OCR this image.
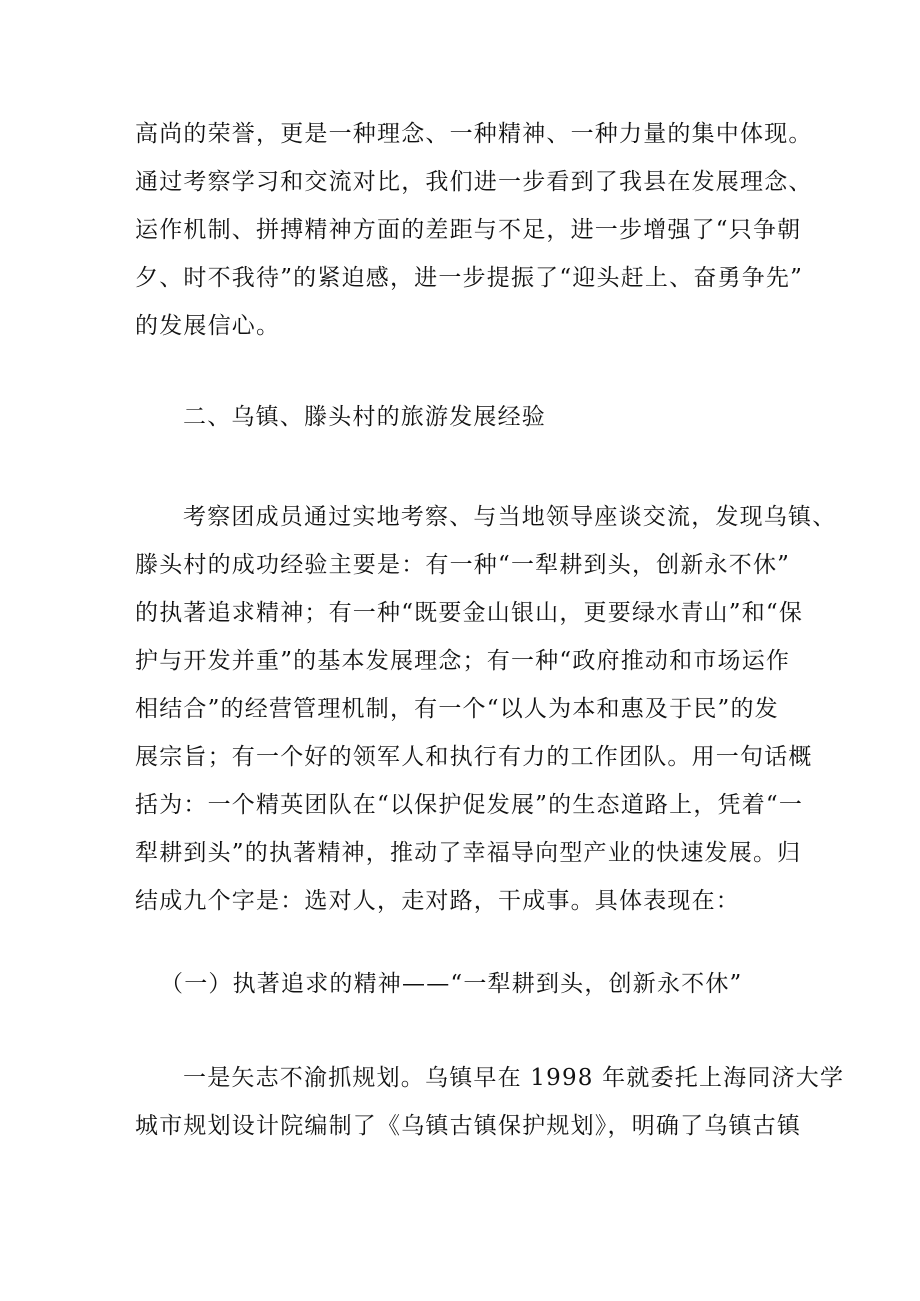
高尚的荣誉，更是一种理念、一种精神、一种力量的集中体现。
通过考察学习和交流对比，我们进一步看到了我县在发展理念、
运作机制、拼搏精神方面的差距与不足，进一步增强了“只争朝
夕、时不我待”的紧迫感，进一步提振了“迎头赶上、奋勇争先”
的发展信心。
二、乌镇、滕头村的旅游发展经验
考察团成员通过实地考察、与当地领导座谈交流，发现乌镇、
滕头村的成功经验主要是：有一种“一犁耕到头，创新永不休”
的执著追求精神；有一种“既要金山银山，更要绿水青山”和“保
护与开发并重”的基本发展理念；有一种“政府推动和市场运作
相结合”的经营管理机制，有一个“以人为本和惠及于民”的发
展宗旨；有一个好的领军人和执行有力的工作团队。用一句话概
括为：一个精英团队在“以保护促发展”的生态道路上，凭着“一
犁耕到头”的执著精神，推动了幸福导向型产业的快速发展。归
结成九个字是：选对人，走对路，干成事。具体表现在：
（一）执著追求的精神——“一犁耕到头，创新永不休”
一是矢志不渝抓规划。乌镇早在 1998 年就委托上海同济大学
城市规划设计院编制了《乌镇古镇保护规划》，明确了乌镇古镇
